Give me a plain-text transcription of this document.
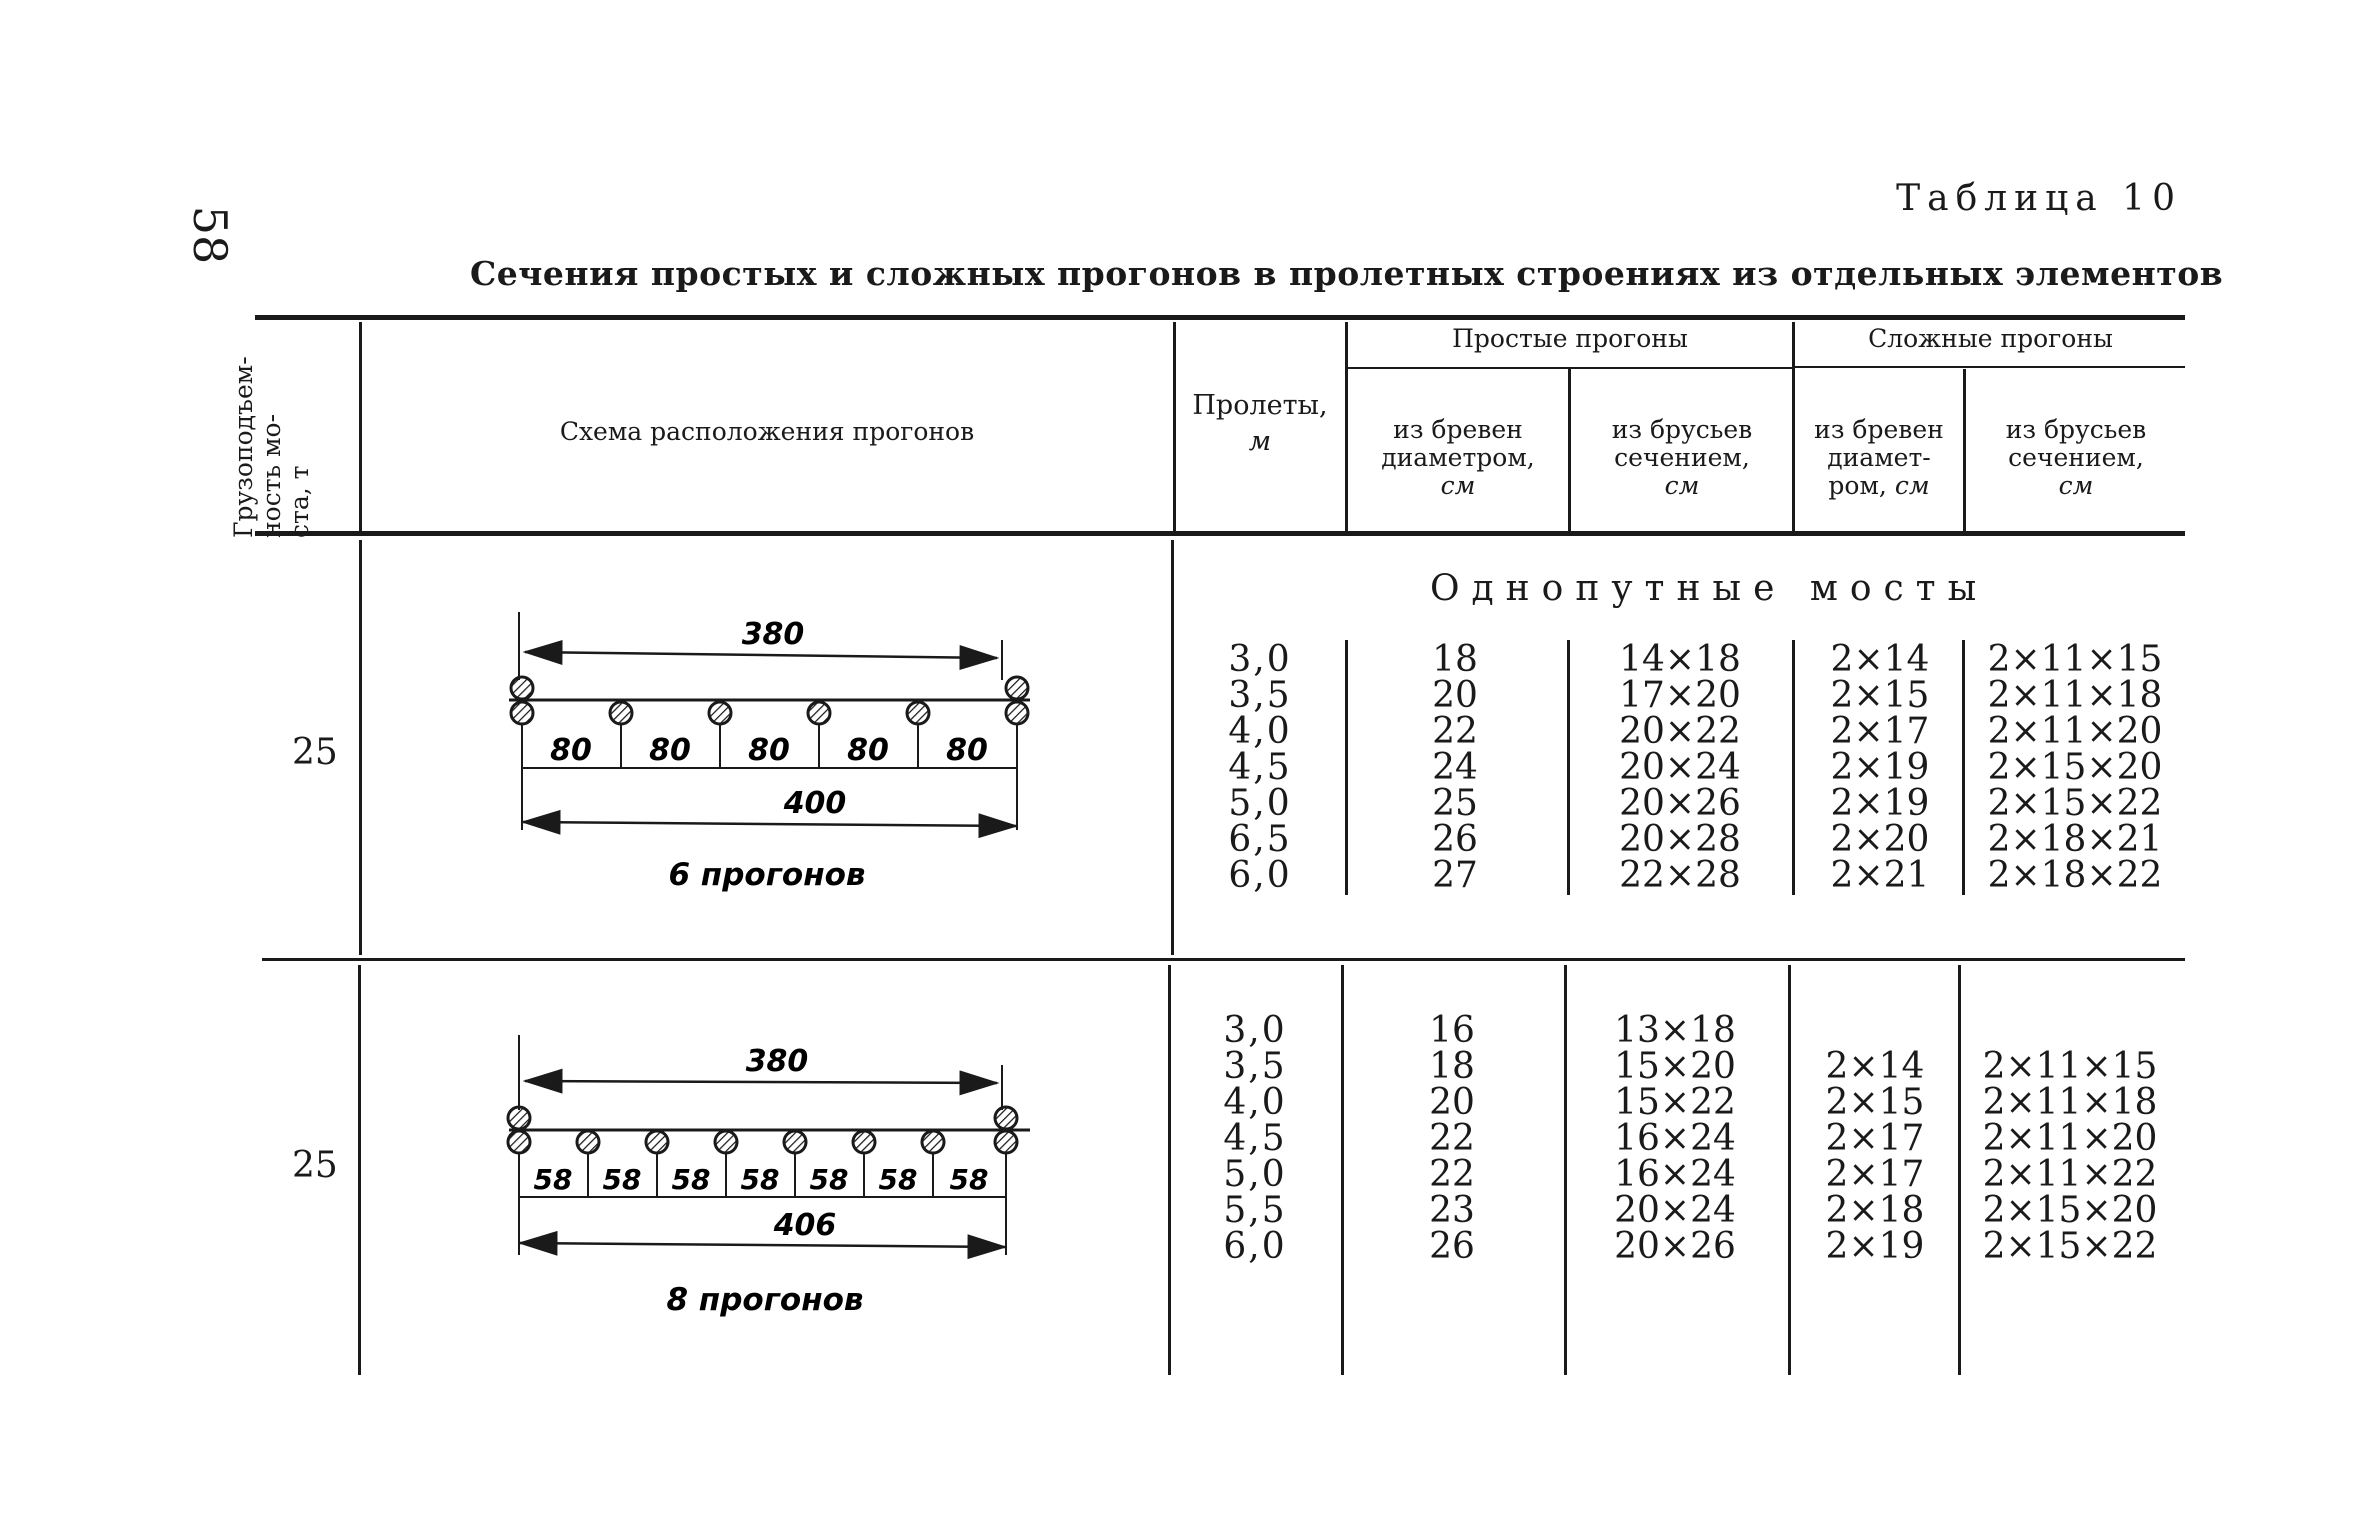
58
Таблица 10
Сечения простых и сложных прогонов в пролетных строениях из отдельных элементов
Грузоподъем- ность мо- ста, т
Схема расположения прогонов
Пролеты,
м
Простые прогоны	Сложные прогоны
из бревен
диаметром,
см
из брусьев
сечением,
см
из бревен
диамет-
ром, см
из брусьев
сечением,
см
Однопутные мосты
25
380
80 80 80 80 80
400
6 прогонов
3,0
3,5
4,0
4,5
5,0
6,5
6,0
18
20
22
24
25
26
27
14×18
17×20
20×22
20×24
20×26
20×28
22×28
2×14
2×15
2×17
2×19
2×19
2×20
2×21
2×11×15
2×11×18
2×11×20
2×15×20
2×15×22
2×18×21
2×18×22
25
380
58 58 58 58 58 58 58
406
8 прогонов
3,0
3,5
4,0
4,5
5,0
5,5
6,0
16
18
20
22
22
23
26
13×18
15×20
15×22
16×24
16×24
20×24
20×26
2×14
2×15
2×17
2×17
2×18
2×19
2×11×15
2×11×18
2×11×20
2×11×22
2×15×20
2×15×22
